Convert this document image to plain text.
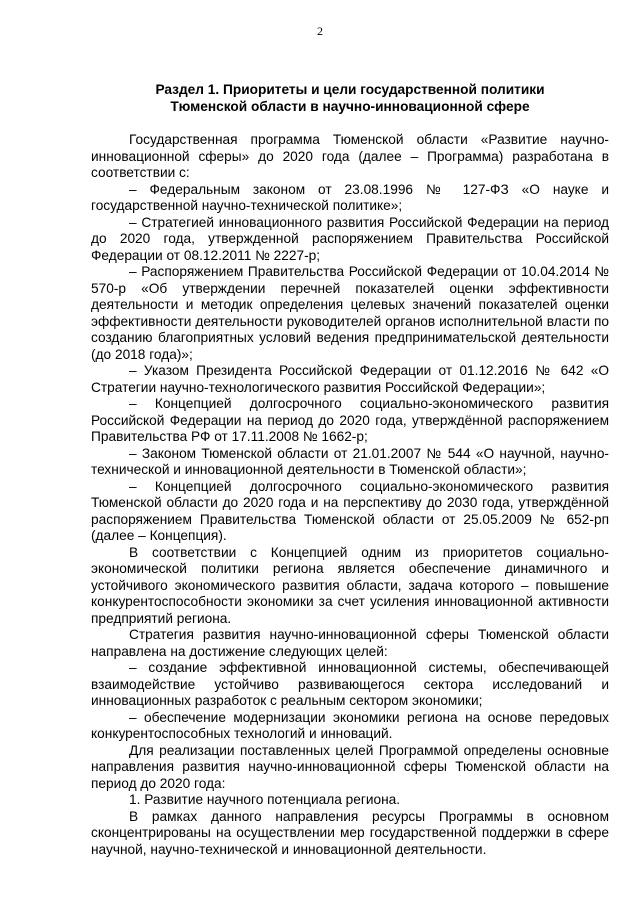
2
Раздел 1. Приоритеты и цели государственной политики
Тюменской области в научно-инновационной сфере

Государственная программа Тюменской области «Развитие научно-инновационной сферы» до 2020 года (далее – Программа) разработана в соответствии с:

– Федеральным законом от 23.08.1996 № 127-ФЗ «О науке и государственной научно-технической политике»;

– Стратегией инновационного развития Российской Федерации на период до 2020 года, утвержденной распоряжением Правительства Российской Федерации от 08.12.2011 № 2227-р;

– Распоряжением Правительства Российской Федерации от 10.04.2014 № 570-р «Об утверждении перечней показателей оценки эффективности деятельности и методик определения целевых значений показателей оценки эффективности деятельности руководителей органов исполнительной власти по созданию благоприятных условий ведения предпринимательской деятельности (до 2018 года)»;

– Указом Президента Российской Федерации от 01.12.2016 № 642 «О Стратегии научно-технологического развития Российской Федерации»;

– Концепцией долгосрочного социально-экономического развития Российской Федерации на период до 2020 года, утверждённой распоряжением Правительства РФ от 17.11.2008 № 1662-р;

– Законом Тюменской области от 21.01.2007 № 544 «О научной, научно-технической и инновационной деятельности в Тюменской области»;

– Концепцией долгосрочного социально-экономического развития Тюменской области до 2020 года и на перспективу до 2030 года, утверждённой распоряжением Правительства Тюменской области от 25.05.2009 № 652-рп (далее – Концепция).

В соответствии с Концепцией одним из приоритетов социально-экономической политики региона является обеспечение динамичного и устойчивого экономического развития области, задача которого – повышение конкурентоспособности экономики за счет усиления инновационной активности предприятий региона.

Стратегия развития научно-инновационной сферы Тюменской области направлена на достижение следующих целей:

– создание эффективной инновационной системы, обеспечивающей взаимодействие устойчиво развивающегося сектора исследований и инновационных разработок с реальным сектором экономики;

– обеспечение модернизации экономики региона на основе передовых конкурентоспособных технологий и инноваций.

Для реализации поставленных целей Программой определены основные направления развития научно-инновационной сферы Тюменской области на период до 2020 года:

1. Развитие научного потенциала региона.

В рамках данного направления ресурсы Программы в основном сконцентрированы на осуществлении мер государственной поддержки в сфере научной, научно-технической и инновационной деятельности.
